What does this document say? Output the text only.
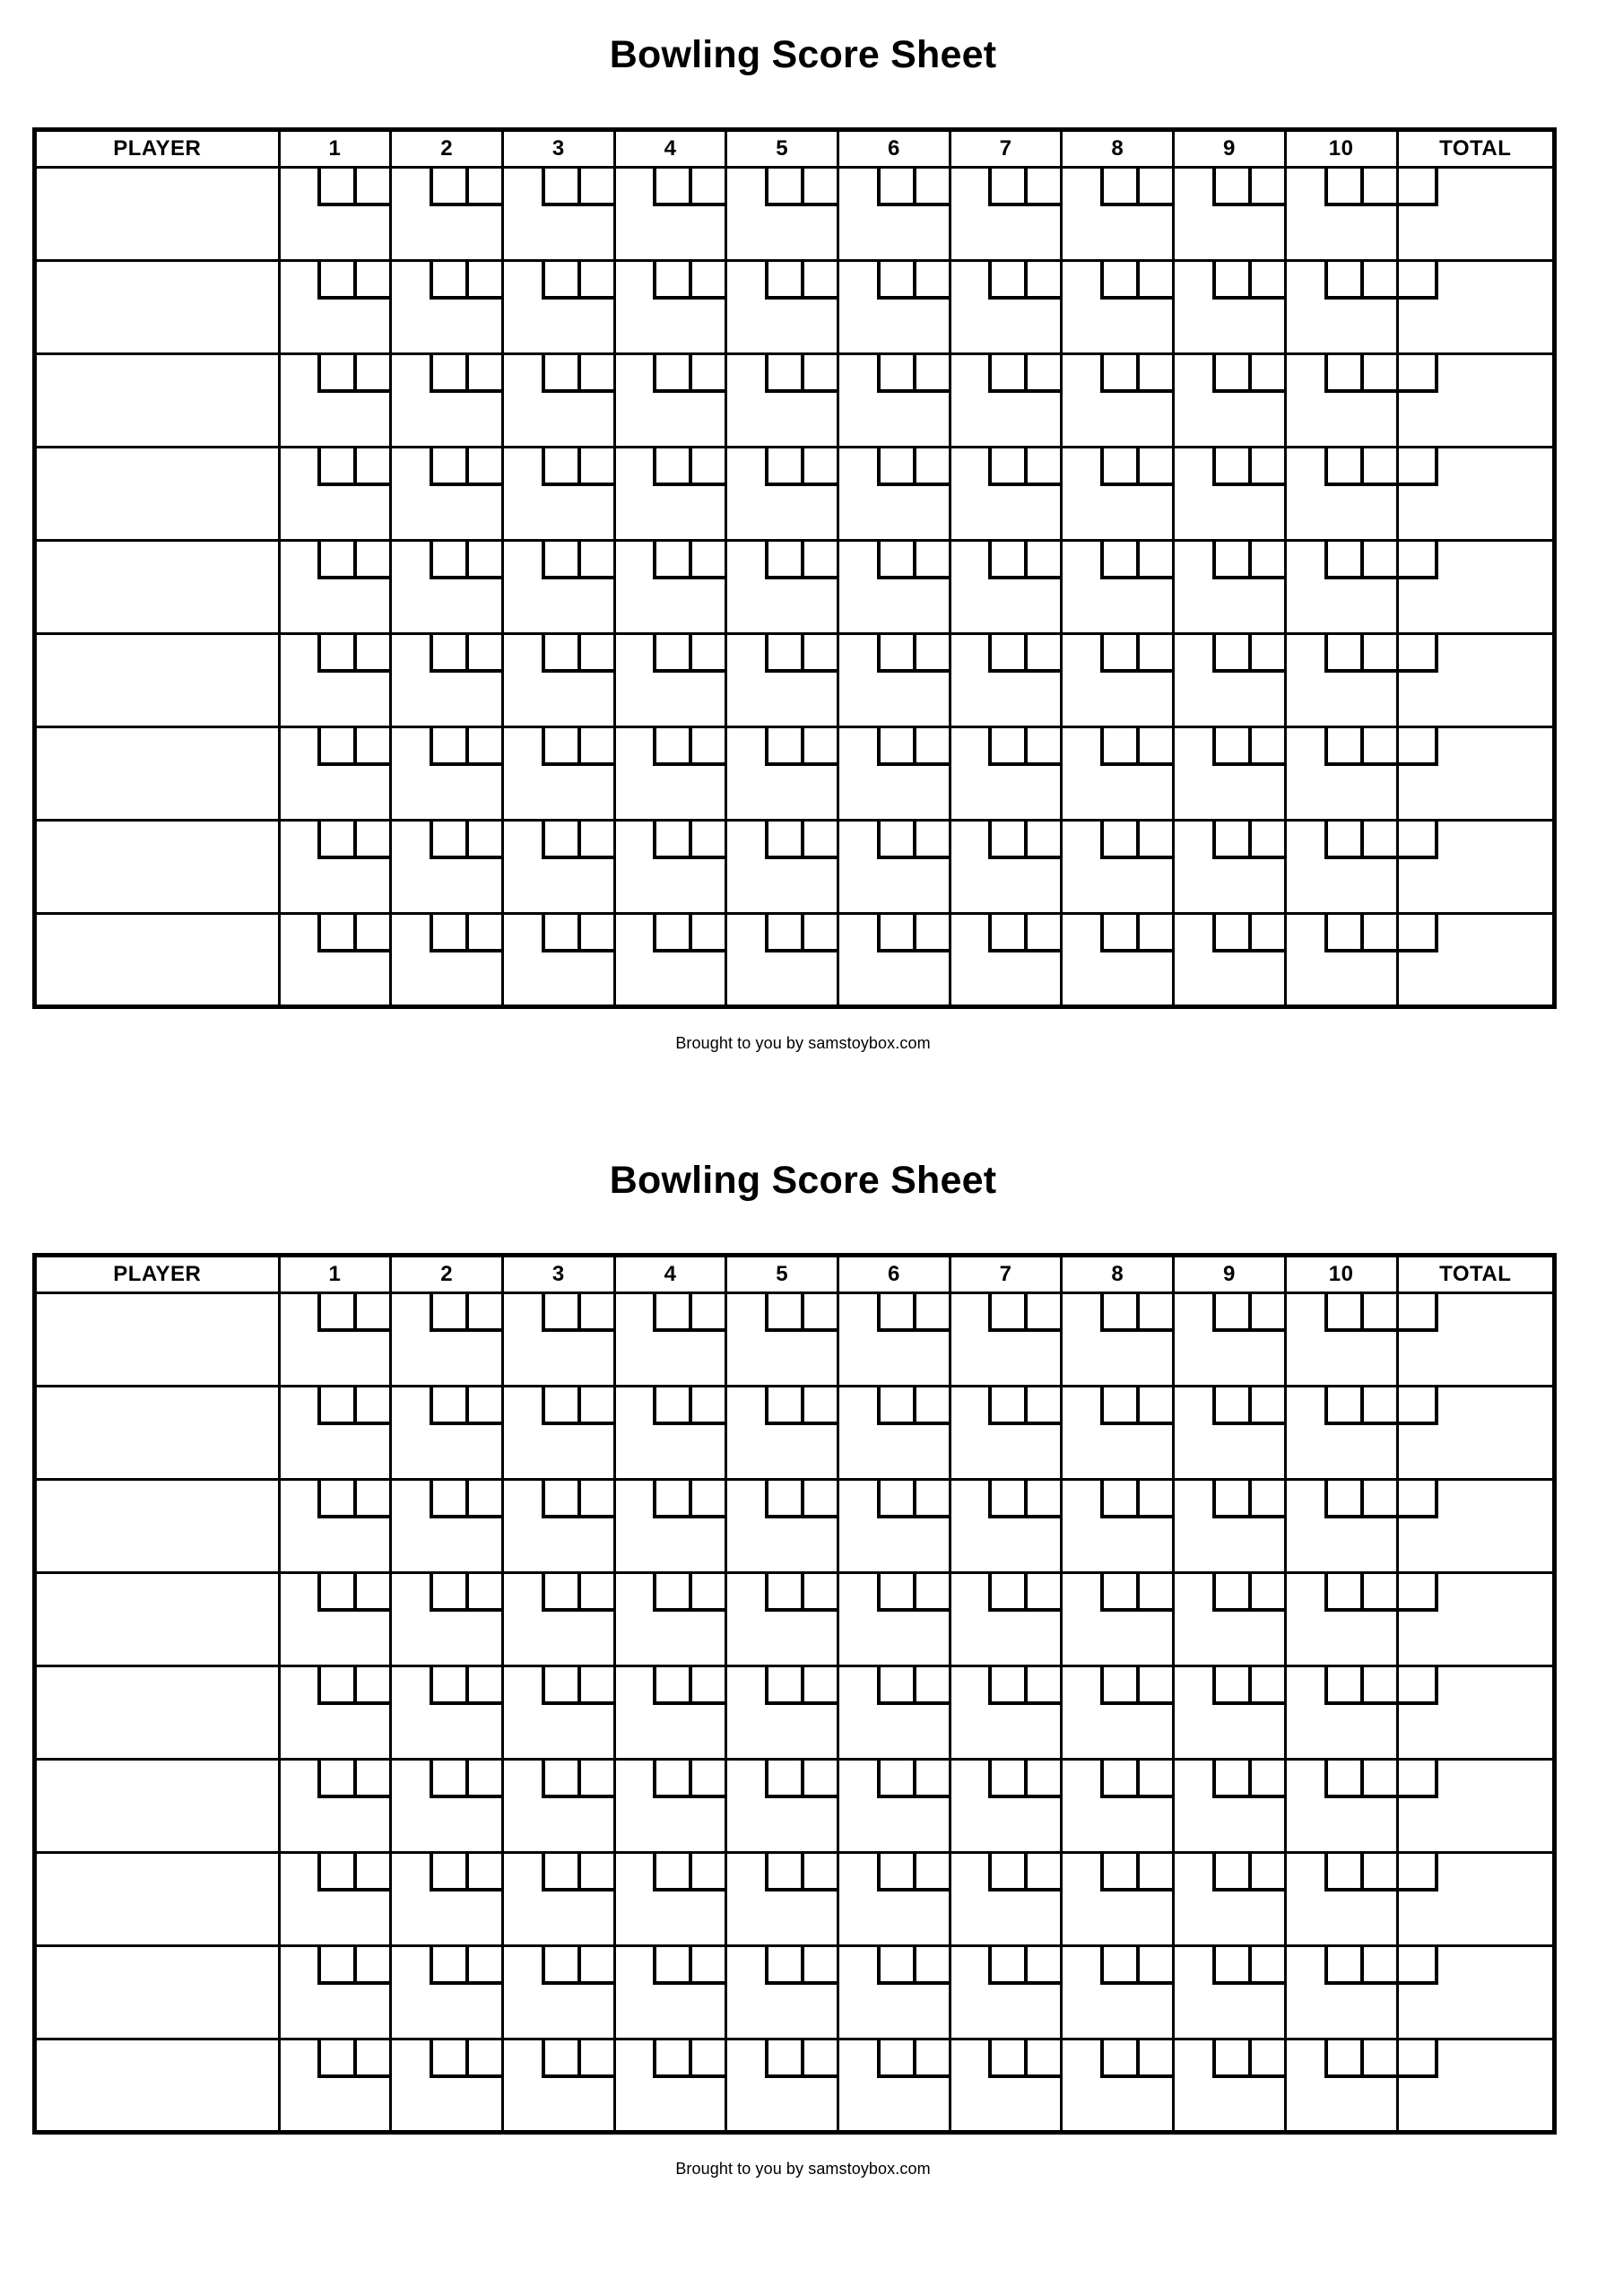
Bowling Score Sheet
PLAYER	1	2	3	4	5	6	7	8	9	10	TOTAL

Brought to you by samstoybox.com
Bowling Score Sheet
PLAYER	1	2	3	4	5	6	7	8	9	10	TOTAL

Brought to you by samstoybox.com
